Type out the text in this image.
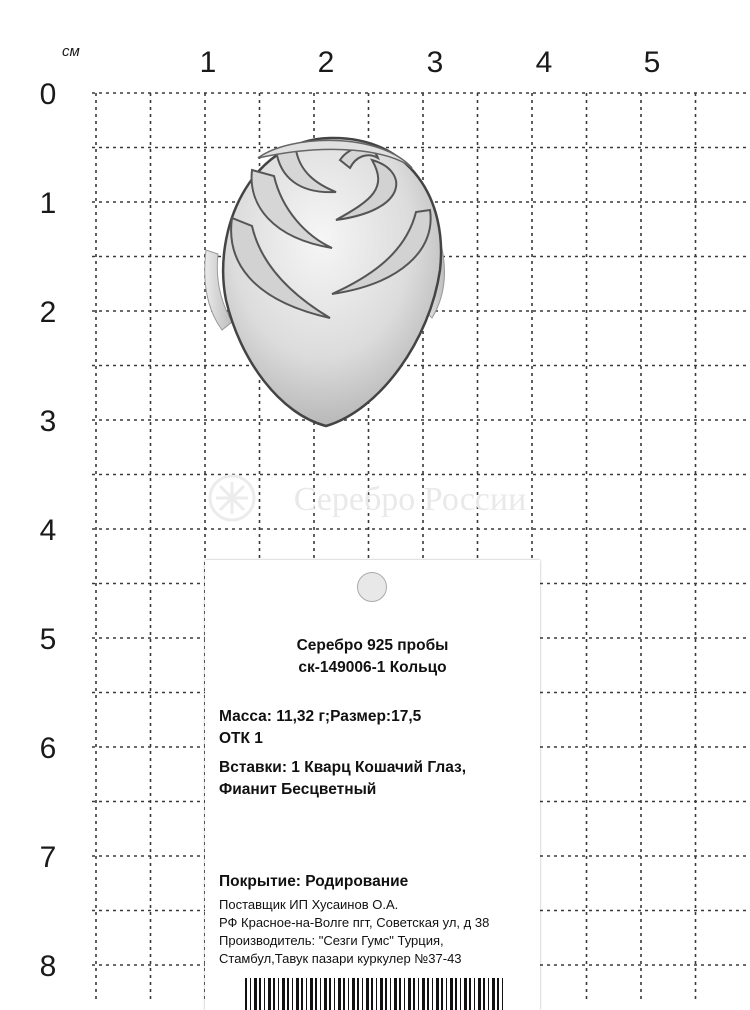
см	1	2	3	4	5
0
1
2
3
4
5
6
7
8
Серебро России
Серебро 925 пробы
ск-149006-1 Кольцо
Масса: 11,32 г;Размер:17,5
ОТК 1
Вставки: 1 Кварц Кошачий Глаз,
Фианит Бесцветный
Покрытие: Родирование
Поставщик ИП Хусаинов О.А.
РФ Красное-на-Волге пгт, Советская ул, д 38
Производитель: "Сезги Гумс" Турция,
Стамбул,Тавук пазари куркулер №37-43
